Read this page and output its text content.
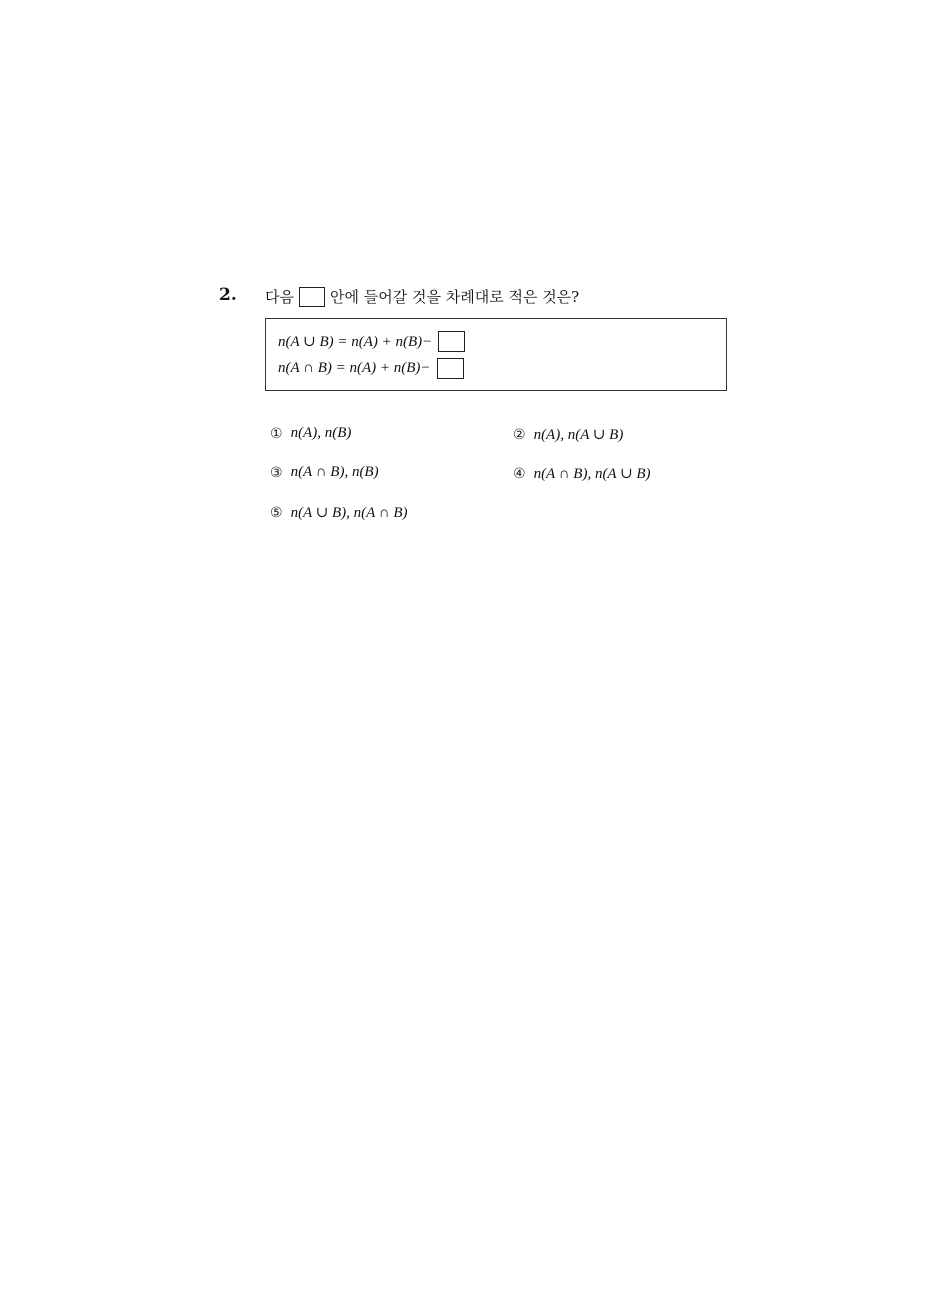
2. 다음 안에 들어갈 것을 차례대로 적은 것은?
n(A ∪ B) = n(A) + n(B)−
n(A ∩ B) = n(A) + n(B)−
① n(A), n(B)	② n(A), n(A ∪ B)
③ n(A ∩ B), n(B)	④ n(A ∩ B), n(A ∪ B)
⑤ n(A ∪ B), n(A ∩ B)
